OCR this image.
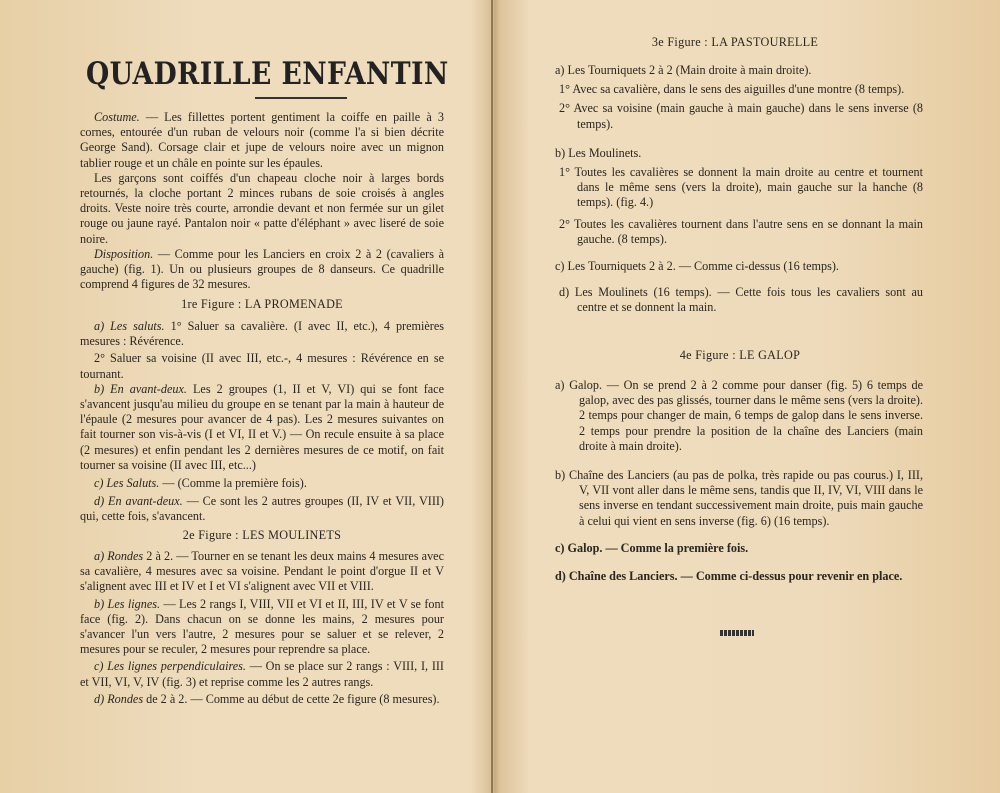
QUADRILLE ENFANTIN

Costume. — Les fillettes portent gentiment la coiffe en paille à 3 cornes, entourée d'un ruban de velours noir (comme l'a si bien décrite George Sand). Corsage clair et jupe de velours noire avec un mignon tablier rouge et un châle en pointe sur les épaules.

Les garçons sont coiffés d'un chapeau cloche noir à larges bords retournés, la cloche portant 2 minces rubans de soie croisés à angles droits. Veste noire très courte, arrondie devant et non fermée sur un gilet rouge ou jaune rayé. Pantalon noir « patte d'éléphant » avec liseré de soie noire.

Disposition. — Comme pour les Lanciers en croix 2 à 2 (cavaliers à gauche) (fig. 1). Un ou plusieurs groupes de 8 danseurs. Ce quadrille comprend 4 figures de 32 mesures.

1re Figure : LA PROMENADE

a) Les saluts. 1° Saluer sa cavalière. (I avec II, etc.), 4 premières mesures : Révérence.

2° Saluer sa voisine (II avec III, etc.-, 4 mesures : Révérence en se tournant.

b) En avant-deux. Les 2 groupes (1, II et V, VI) qui se font face s'avancent jusqu'au milieu du groupe en se tenant par la main à hauteur de l'épaule (2 mesures pour avancer de 4 pas). Les 2 mesures suivantes on fait tourner son vis-à-vis (I et VI, II et V.) — On recule ensuite à sa place (2 mesures) et enfin pendant les 2 dernières mesures de ce motif, on fait tourner sa voisine (II avec III, etc...)

c) Les Saluts. — (Comme la première fois).

d) En avant-deux. — Ce sont les 2 autres groupes (II, IV et VII, VIII) qui, cette fois, s'avancent.

2e Figure : LES MOULINETS

a) Rondes 2 à 2. — Tourner en se tenant les deux mains 4 mesures avec sa cavalière, 4 mesures avec sa voisine. Pendant le point d'orgue II et V s'alignent avec III et IV et I et VI s'alignent avec VII et VIII.

b) Les lignes. — Les 2 rangs I, VIII, VII et VI et II, III, IV et V se font face (fig. 2). Dans chacun on se donne les mains, 2 mesures pour s'avancer l'un vers l'autre, 2 mesures pour se saluer et se relever, 2 mesures pour se reculer, 2 mesures pour reprendre sa place.

c) Les lignes perpendiculaires. — On se place sur 2 rangs : VIII, I, III et VII, VI, V, IV (fig. 3) et reprise comme les 2 autres rangs.

d) Rondes de 2 à 2. — Comme au début de cette 2e figure (8 mesures).

3e Figure : LA PASTOURELLE

a) Les Tourniquets 2 à 2 (Main droite à main droite).

1° Avec sa cavalière, dans le sens des aiguilles d'une montre (8 temps).

2° Avec sa voisine (main gauche à main gauche) dans le sens inverse (8 temps).

b) Les Moulinets.

1° Toutes les cavalières se donnent la main droite au centre et tournent dans le même sens (vers la droite), main gauche sur la hanche (8 temps). (fig. 4.)

2° Toutes les cavalières tournent dans l'autre sens en se donnant la main gauche. (8 temps).

c) Les Tourniquets 2 à 2. — Comme ci-dessus (16 temps).

d) Les Moulinets (16 temps). — Cette fois tous les cavaliers sont au centre et se donnent la main.

4e Figure : LE GALOP

a) Galop. — On se prend 2 à 2 comme pour danser (fig. 5) 6 temps de galop, avec des pas glissés, tourner dans le même sens (vers la droite). 2 temps pour changer de main, 6 temps de galop dans le sens inverse. 2 temps pour prendre la position de la chaîne des Lanciers (main droite à main droite).

b) Chaîne des Lanciers (au pas de polka, très rapide ou pas courus.) I, III, V, VII vont aller dans le même sens, tandis que II, IV, VI, VIII dans le sens inverse en tendant successivement main droite, puis main gauche à celui qui vient en sens inverse (fig. 6) (16 temps).

c) Galop. — Comme la première fois.

d) Chaîne des Lanciers. — Comme ci-dessus pour revenir en place.
